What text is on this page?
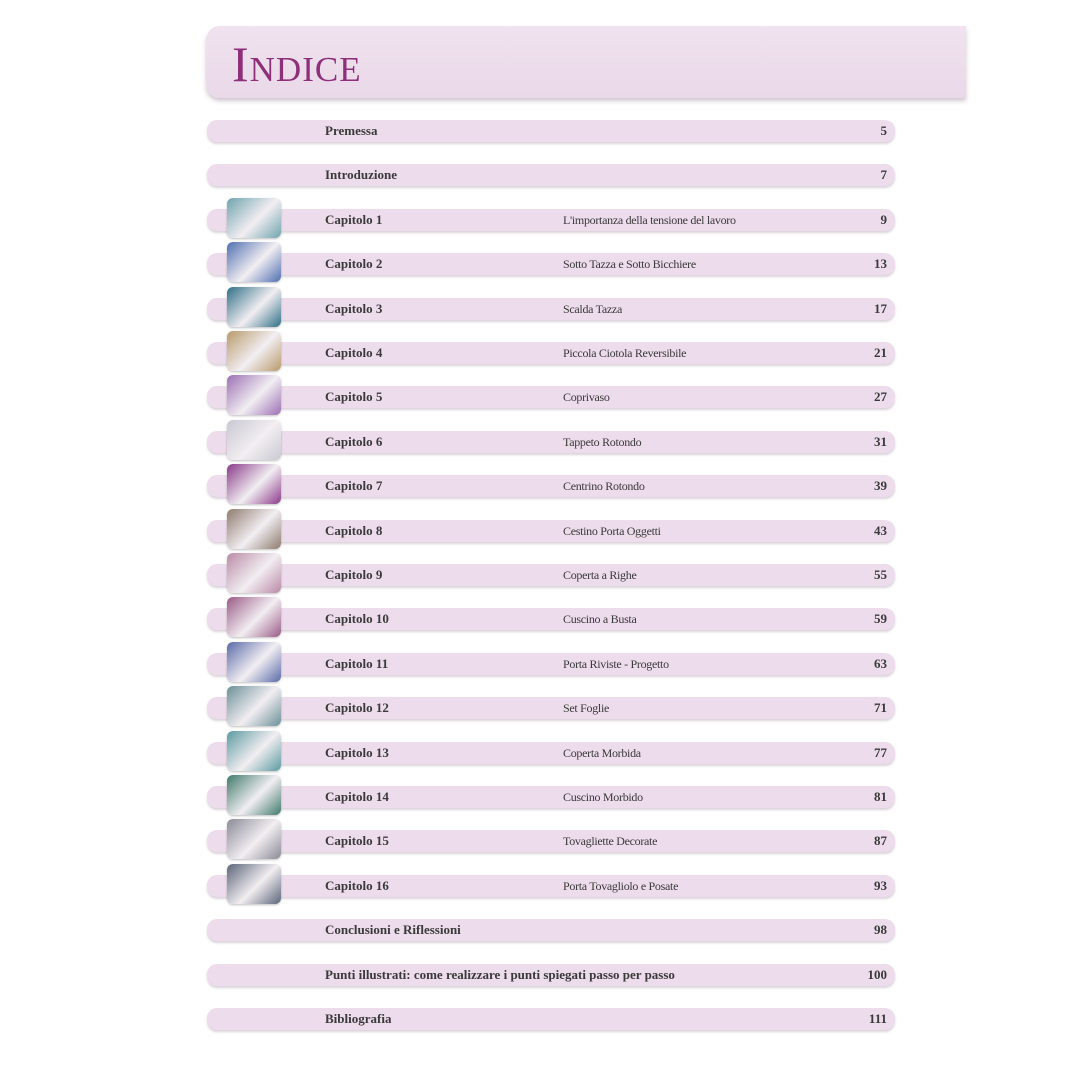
Indice
Premessa	5
Introduzione	7
Capitolo 1	L'importanza della tensione del lavoro	9
Capitolo 2	Sotto Tazza e Sotto Bicchiere	13
Capitolo 3	Scalda Tazza	17
Capitolo 4	Piccola Ciotola Reversibile	21
Capitolo 5	Coprivaso	27
Capitolo 6	Tappeto Rotondo	31
Capitolo 7	Centrino Rotondo	39
Capitolo 8	Cestino Porta Oggetti	43
Capitolo 9	Coperta a Righe	55
Capitolo 10	Cuscino a Busta	59
Capitolo 11	Porta Riviste - Progetto	63
Capitolo 12	Set Foglie	71
Capitolo 13	Coperta Morbida	77
Capitolo 14	Cuscino Morbido	81
Capitolo 15	Tovagliette Decorate	87
Capitolo 16	Porta Tovagliolo e Posate	93
Conclusioni e Riflessioni	98
Punti illustrati: come realizzare i punti spiegati passo per passo	100
Bibliografia	111
